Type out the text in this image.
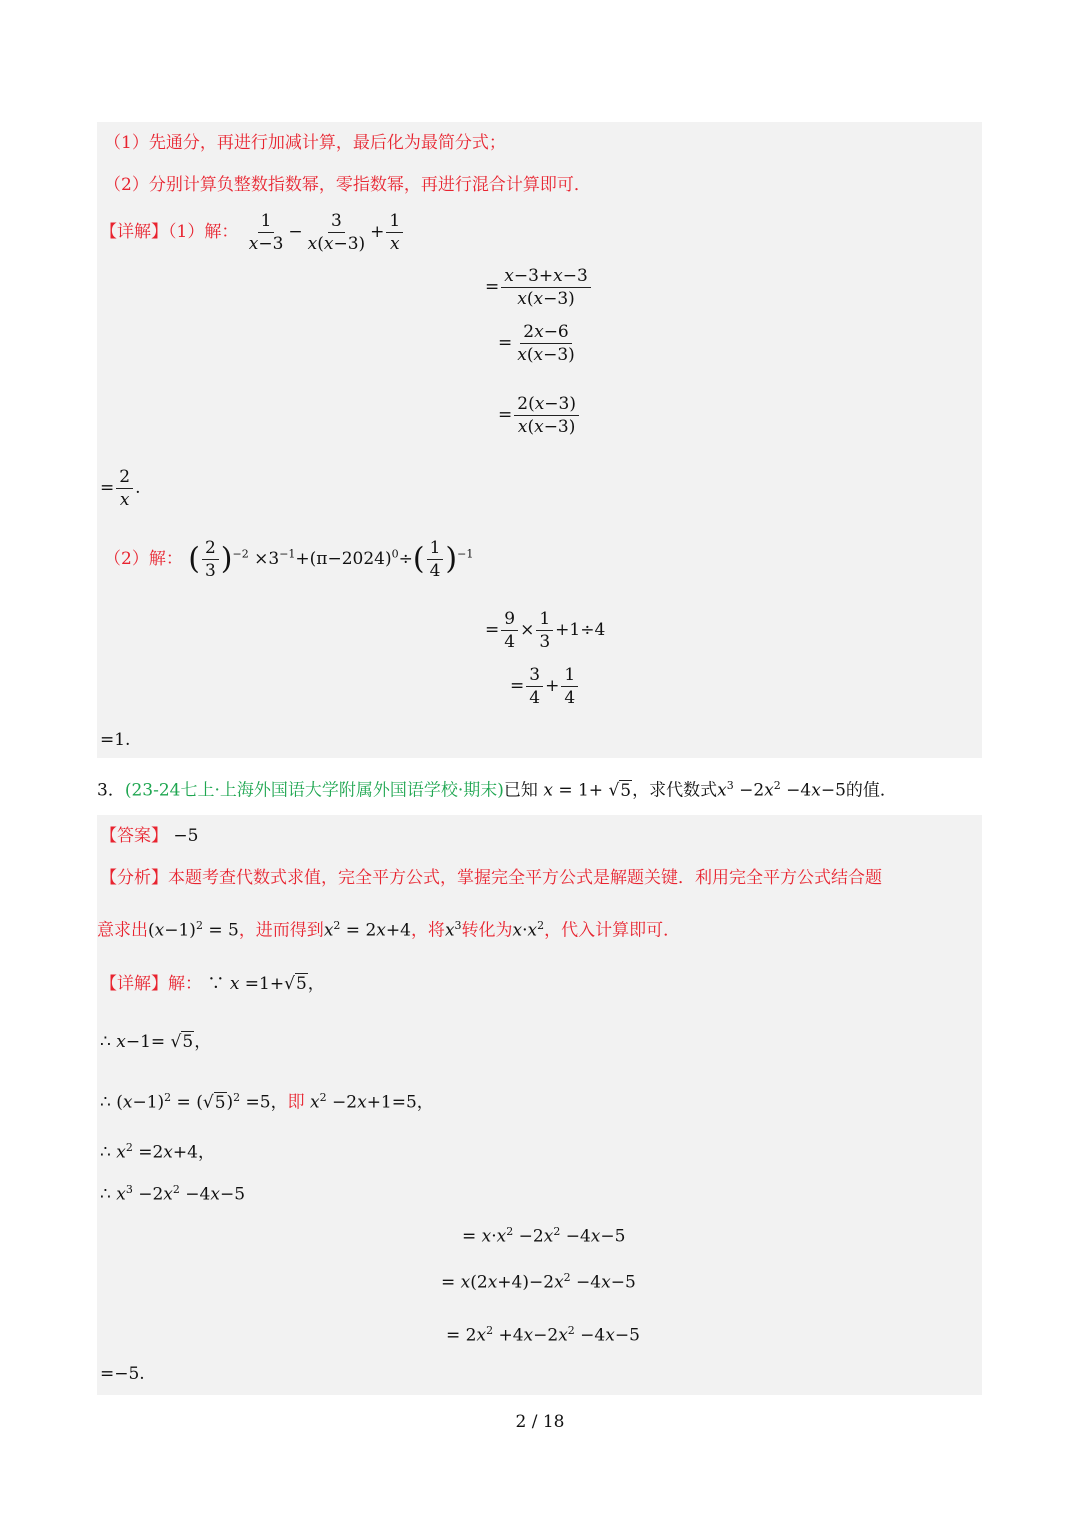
（1）先通分，再进行加减计算，最后化为最简分式；
（2）分别计算负整数指数幂，零指数幂，再进行混合计算即可．
【详解】（1）解： $\frac{1}{x-3} - \frac{3}{x(x-3)} + \frac{1}{x}$
= $\frac{x-3+x-3}{x(x-3)}$
= $\frac{2x-6}{x(x-3)}$
= $\frac{2(x-3)}{x(x-3)}$
= $\frac{2}{x}$ .
（2）解： ( $\frac{2}{3} )^{-2} \times 3^{-1}+(\pi-2024)^0\div( \frac{1}{4} )^{-1}$
= $\frac{9}{4} \times \frac{1}{3} +1\div 4$
= $\frac{3}{4} + \frac{1}{4}$
=1.
3．(23-24七上·上海外国语大学附属外国语学校·期末)已知 x = 1+ √5，求代数式$x^3 -2x^2 -4x-5$的值．
【答案】 −5
【分析】本题考查代数式求值，完全平方公式，掌握完全平方公式是解题关键．利用完全平方公式结合题
意求出$(x-1)^2 = 5$，进而得到$x^2 = 2x+4$，将$x^3$转化为$x\cdot x^2$，代入计算即可．
【详解】解： ∵ x =1+√5，
∴ x−1= √5，
∴ $(x-1)^2 = (√5)^2 =5$，即 $x^2 -2x+1=5$，
∴ $x^2 =2x+4$，
∴ $x^3 -2x^2 -4x-5$
= $x\cdot x^2 -2x^2 -4x-5$
= $x(2x+4)-2x^2 -4x-5$
= $2x^2 +4x-2x^2 -4x-5$
=−5.
2 / 18
